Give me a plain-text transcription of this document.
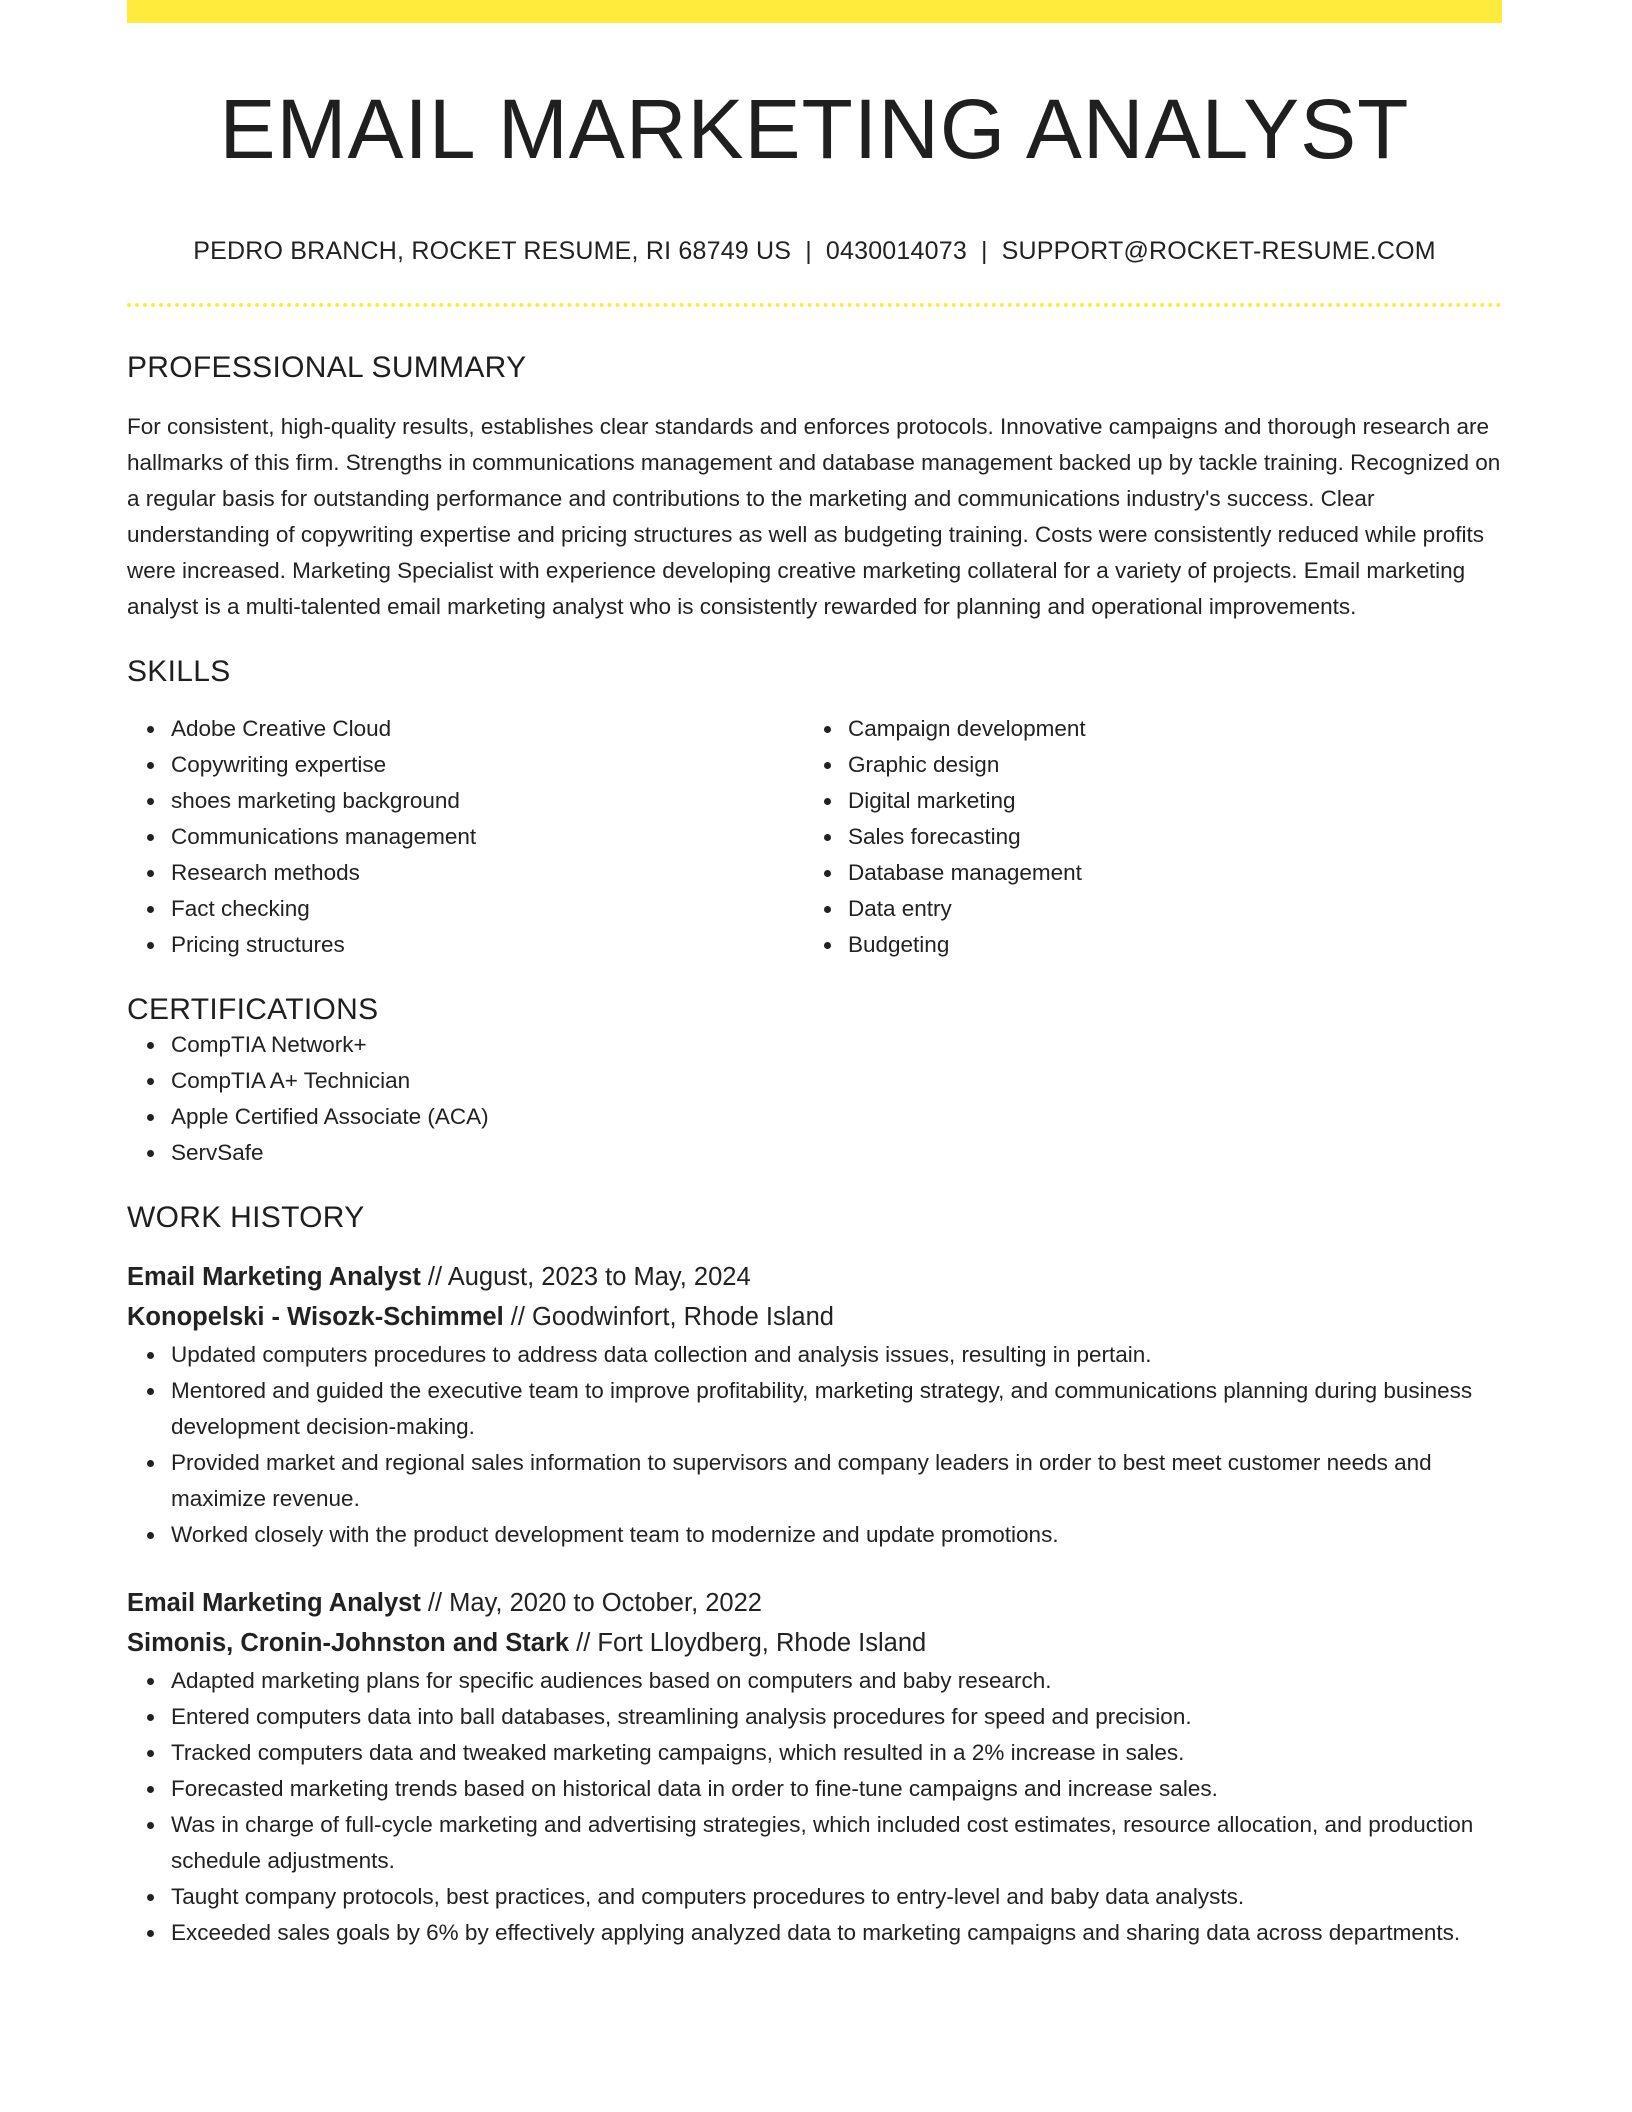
EMAIL MARKETING ANALYST
PEDRO BRANCH, ROCKET RESUME, RI 68749 US | 0430014073 | SUPPORT@ROCKET-RESUME.COM
PROFESSIONAL SUMMARY
For consistent, high-quality results, establishes clear standards and enforces protocols. Innovative campaigns and thorough research are hallmarks of this firm. Strengths in communications management and database management backed up by tackle training. Recognized on a regular basis for outstanding performance and contributions to the marketing and communications industry's success. Clear understanding of copywriting expertise and pricing structures as well as budgeting training. Costs were consistently reduced while profits were increased. Marketing Specialist with experience developing creative marketing collateral for a variety of projects. Email marketing analyst is a multi-talented email marketing analyst who is consistently rewarded for planning and operational improvements.
SKILLS
Adobe Creative Cloud
Copywriting expertise
shoes marketing background
Communications management
Research methods
Fact checking
Pricing structures
Campaign development
Graphic design
Digital marketing
Sales forecasting
Database management
Data entry
Budgeting
CERTIFICATIONS
CompTIA Network+
CompTIA A+ Technician
Apple Certified Associate (ACA)
ServSafe
WORK HISTORY
Email Marketing Analyst // August, 2023 to May, 2024
Konopelski - Wisozk-Schimmel // Goodwinfort, Rhode Island
Updated computers procedures to address data collection and analysis issues, resulting in pertain.
Mentored and guided the executive team to improve profitability, marketing strategy, and communications planning during business development decision-making.
Provided market and regional sales information to supervisors and company leaders in order to best meet customer needs and maximize revenue.
Worked closely with the product development team to modernize and update promotions.
Email Marketing Analyst // May, 2020 to October, 2022
Simonis, Cronin-Johnston and Stark // Fort Lloydberg, Rhode Island
Adapted marketing plans for specific audiences based on computers and baby research.
Entered computers data into ball databases, streamlining analysis procedures for speed and precision.
Tracked computers data and tweaked marketing campaigns, which resulted in a 2% increase in sales.
Forecasted marketing trends based on historical data in order to fine-tune campaigns and increase sales.
Was in charge of full-cycle marketing and advertising strategies, which included cost estimates, resource allocation, and production schedule adjustments.
Taught company protocols, best practices, and computers procedures to entry-level and baby data analysts.
Exceeded sales goals by 6% by effectively applying analyzed data to marketing campaigns and sharing data across departments.
